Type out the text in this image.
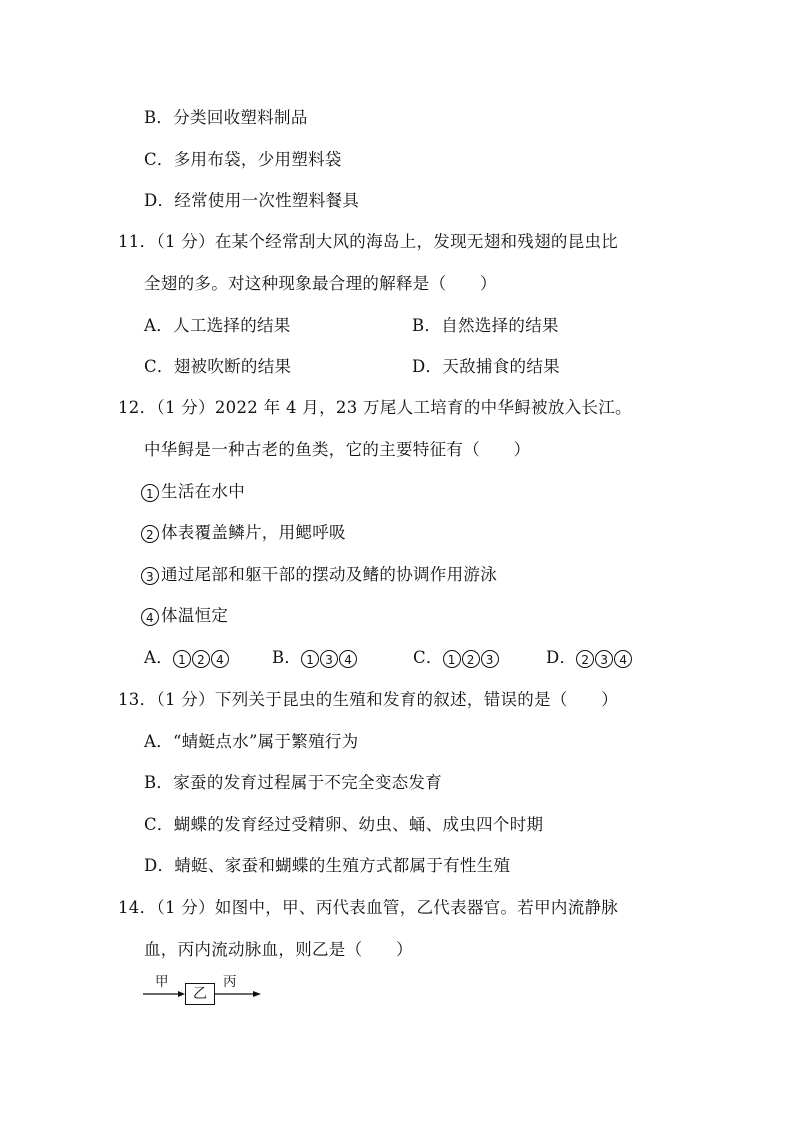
B．分类回收塑料制品
C．多用布袋，少用塑料袋
D．经常使用一次性塑料餐具
11．（1 分）在某个经常刮大风的海岛上，发现无翅和残翅的昆虫比
全翅的多。对这种现象最合理的解释是（　　）
A．人工选择的结果	B．自然选择的结果
C．翅被吹断的结果	D．天敌捕食的结果
12．（1 分）2022 年 4 月，23 万尾人工培育的中华鲟被放入长江。
中华鲟是一种古老的鱼类，它的主要特征有（　　）
1 生活在水中
2 体表覆盖鳞片，用鳃呼吸
3 通过尾部和躯干部的摆动及鳍的协调作用游泳
4 体温恒定
A． 1 2 4	B． 1 3 4	C． 1 2 3	D． 2 3 4
13．（1 分）下列关于昆虫的生殖和发育的叙述，错误的是（　　）
A．“蜻蜓点水”属于繁殖行为
B．家蚕的发育过程属于不完全变态发育
C．蝴蝶的发育经过受精卵、幼虫、蛹、成虫四个时期
D．蜻蜓、家蚕和蝴蝶的生殖方式都属于有性生殖
14．（1 分）如图中，甲、丙代表血管，乙代表器官。若甲内流静脉
血，丙内流动脉血，则乙是（　　）
甲
乙
丙
